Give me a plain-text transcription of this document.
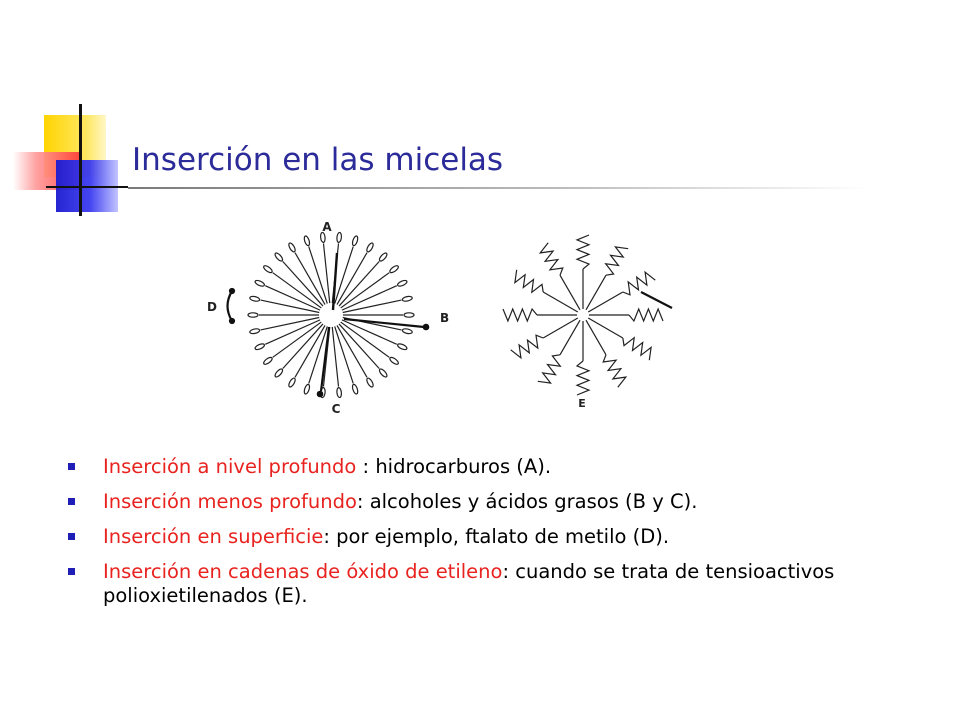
Inserción en las micelas
A
B
C
D
E
Inserción a nivel profundo : hidrocarburos (A).
Inserción menos profundo: alcoholes y ácidos grasos (B y C).
Inserción en superficie: por ejemplo, ftalato de metilo (D).
Inserción en cadenas de óxido de etileno: cuando se trata de tensioactivos polioxietilenados (E).
